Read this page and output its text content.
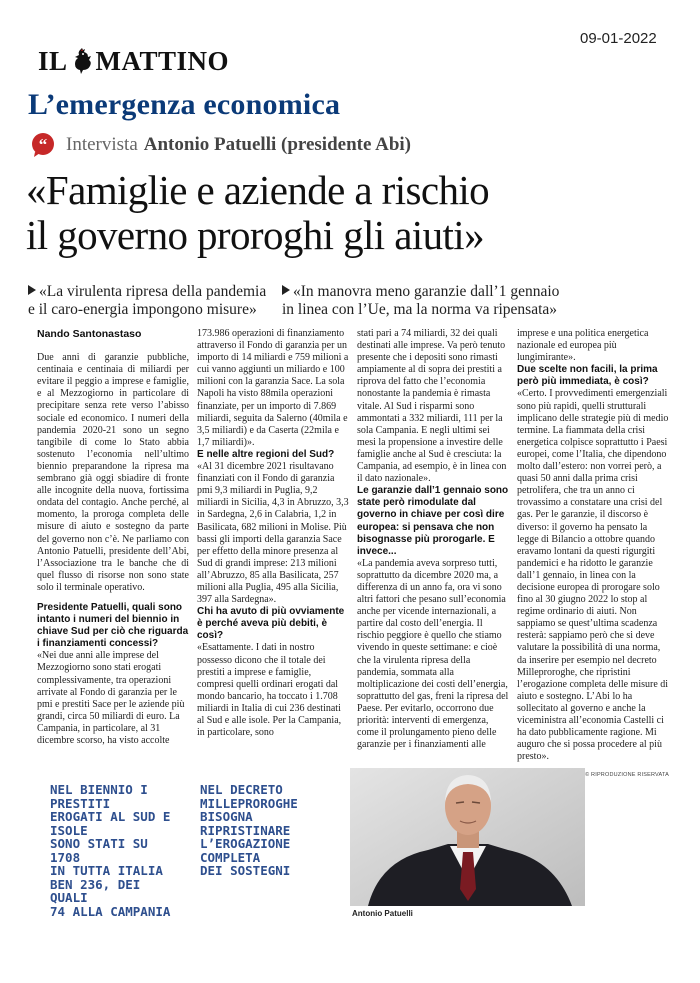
09-01-2022
IL MATTINO
L’emergenza economica
“ Intervista Antonio Patuelli (presidente Abi)
«Famiglie e aziende a rischio
il governo proroghi gli aiuti»
«La virulenta ripresa della pandemia
e il caro-energia impongono misure»
«In manovra meno garanzie dall’1 gennaio
in linea con l’Ue, ma la norma va ripensata»
Nando Santonastaso

Due anni di garanzie pubbliche, centinaia e centinaia di miliardi per evitare il peggio a imprese e famiglie, e al Mezzogiorno in particolare di precipitare senza rete verso l’abisso sociale ed economico. I numeri della pandemia 2020-21 sono un segno tangibile di come lo Stato abbia sostenuto l’economia nell’ultimo biennio preparandone la ripresa ma sembrano già oggi sbiadire di fronte alle incognite della nuova, fortissima ondata del contagio. Anche perché, al momento, la proroga completa delle misure di aiuto e sostegno da parte del governo non c’è. Ne parliamo con Antonio Patuelli, presidente dell’Abi, l’Associazione tra le banche che di quel flusso di risorse non sono state solo il terminale operativo.

Presidente Patuelli, quali sono intanto i numeri del biennio in chiave Sud per ciò che riguarda i finanziamenti concessi?

«Nei due anni alle imprese del Mezzogiorno sono stati erogati complessivamente, tra operazioni arrivate al Fondo di garanzia per le pmi e prestiti Sace per le aziende più grandi, circa 50 miliardi di euro. La Campania, in particolare, al 31 dicembre scorso, ha visto accolte

173.986 operazioni di finanziamento attraverso il Fondo di garanzia per un importo di 14 miliardi e 759 milioni a cui vanno aggiunti un miliardo e 100 milioni con la garanzia Sace. La sola Napoli ha visto 88mila operazioni finanziate, per un importo di 7.869 miliardi, seguita da Salerno (40mila e 3,5 miliardi) e da Caserta (22mila e 1,7 miliardi)».

E nelle altre regioni del Sud?

«Al 31 dicembre 2021 risultavano finanziati con il Fondo di garanzia pmi 9,3 miliardi in Puglia, 9,2 miliardi in Sicilia, 4,3 in Abruzzo, 3,3 in Sardegna, 2,6 in Calabria, 1,2 in Basilicata, 682 milioni in Molise. Più bassi gli importi della garanzia Sace per effetto della minore presenza al Sud di grandi imprese: 213 milioni all’Abruzzo, 85 alla Basilicata, 257 milioni alla Puglia, 495 alla Sicilia, 397 alla Sardegna».

Chi ha avuto di più ovviamente è perché aveva più debiti, è così?

«Esattamente. I dati in nostro possesso dicono che il totale dei prestiti a imprese e famiglie, compresi quelli ordinari erogati dal mondo bancario, ha toccato i 1.708 miliardi in Italia di cui 236 destinati al Sud e alle isole. Per la Campania, in particolare, sono

stati pari a 74 miliardi, 32 dei quali destinati alle imprese. Va però tenuto presente che i depositi sono rimasti ampiamente al di sopra dei prestiti a riprova del fatto che l’economia nonostante la pandemia è rimasta vitale. Al Sud i risparmi sono ammontati a 332 miliardi, 111 per la sola Campania. E negli ultimi sei mesi la propensione a investire delle famiglie anche al Sud è cresciuta: la Campania, ad esempio, è in linea con il dato nazionale».

Le garanzie dall’1 gennaio sono state però rimodulate dal governo in chiave per così dire europea: si pensava che non bisognasse più prorogarle. E invece...

«La pandemia aveva sorpreso tutti, soprattutto da dicembre 2020 ma, a differenza di un anno fa, ora vi sono altri fattori che pesano sull’economia anche per vicende internazionali, a partire dal costo dell’energia. Il rischio peggiore è quello che stiamo vivendo in queste settimane: e cioè che la virulenta ripresa della pandemia, sommata alla moltiplicazione dei costi dell’energia, soprattutto del gas, freni la ripresa del Paese. Per evitarlo, occorrono due priorità: interventi di emergenza, come il prolungamento pieno delle garanzie per i finanziamenti alle

imprese e una politica energetica nazionale ed europea più lungimirante».

Due scelte non facili, la prima però più immediata, è così?

«Certo. I provvedimenti emergenziali sono più rapidi, quelli strutturali implicano delle strategie più di medio termine. La fiammata della crisi energetica colpisce soprattutto i Paesi europei, come l’Italia, che dipendono molto dall’estero: non vorrei però, a quasi 50 anni dalla prima crisi petrolifera, che tra un anno ci trovassimo a constatare una crisi del gas. Per le garanzie, il discorso è diverso: il governo ha pensato la legge di Bilancio a ottobre quando eravamo lontani da questi rigurgiti pandemici e ha ridotto le garanzie dall’1 gennaio, in linea con la decisione europea di prorogare solo fino al 30 giugno 2022 lo stop al regime ordinario di aiuti. Non sappiamo se quest’ultima scadenza resterà: sappiamo però che si deve valutare la possibilità di una norma, da inserire per esempio nel decreto Milleproroghe, che ripristini l’erogazione completa delle misure di aiuto e sostegno. L’Abi lo ha sollecitato al governo e anche la viceministra all’economia Castelli ci ha dato pubblicamente ragione. Mi auguro che si possa procedere al più presto».

© RIPRODUZIONE RISERVATA
NEL BIENNIO I PRESTITI
EROGATI AL SUD E ISOLE
SONO STATI SU 1708
IN TUTTA ITALIA
BEN 236, DEI QUALI
74 ALLA CAMPANIA
NEL DECRETO
MILLEPROROGHE
BISOGNA RIPRISTINARE
L’EROGAZIONE
COMPLETA
DEI SOSTEGNI
Antonio Patuelli
